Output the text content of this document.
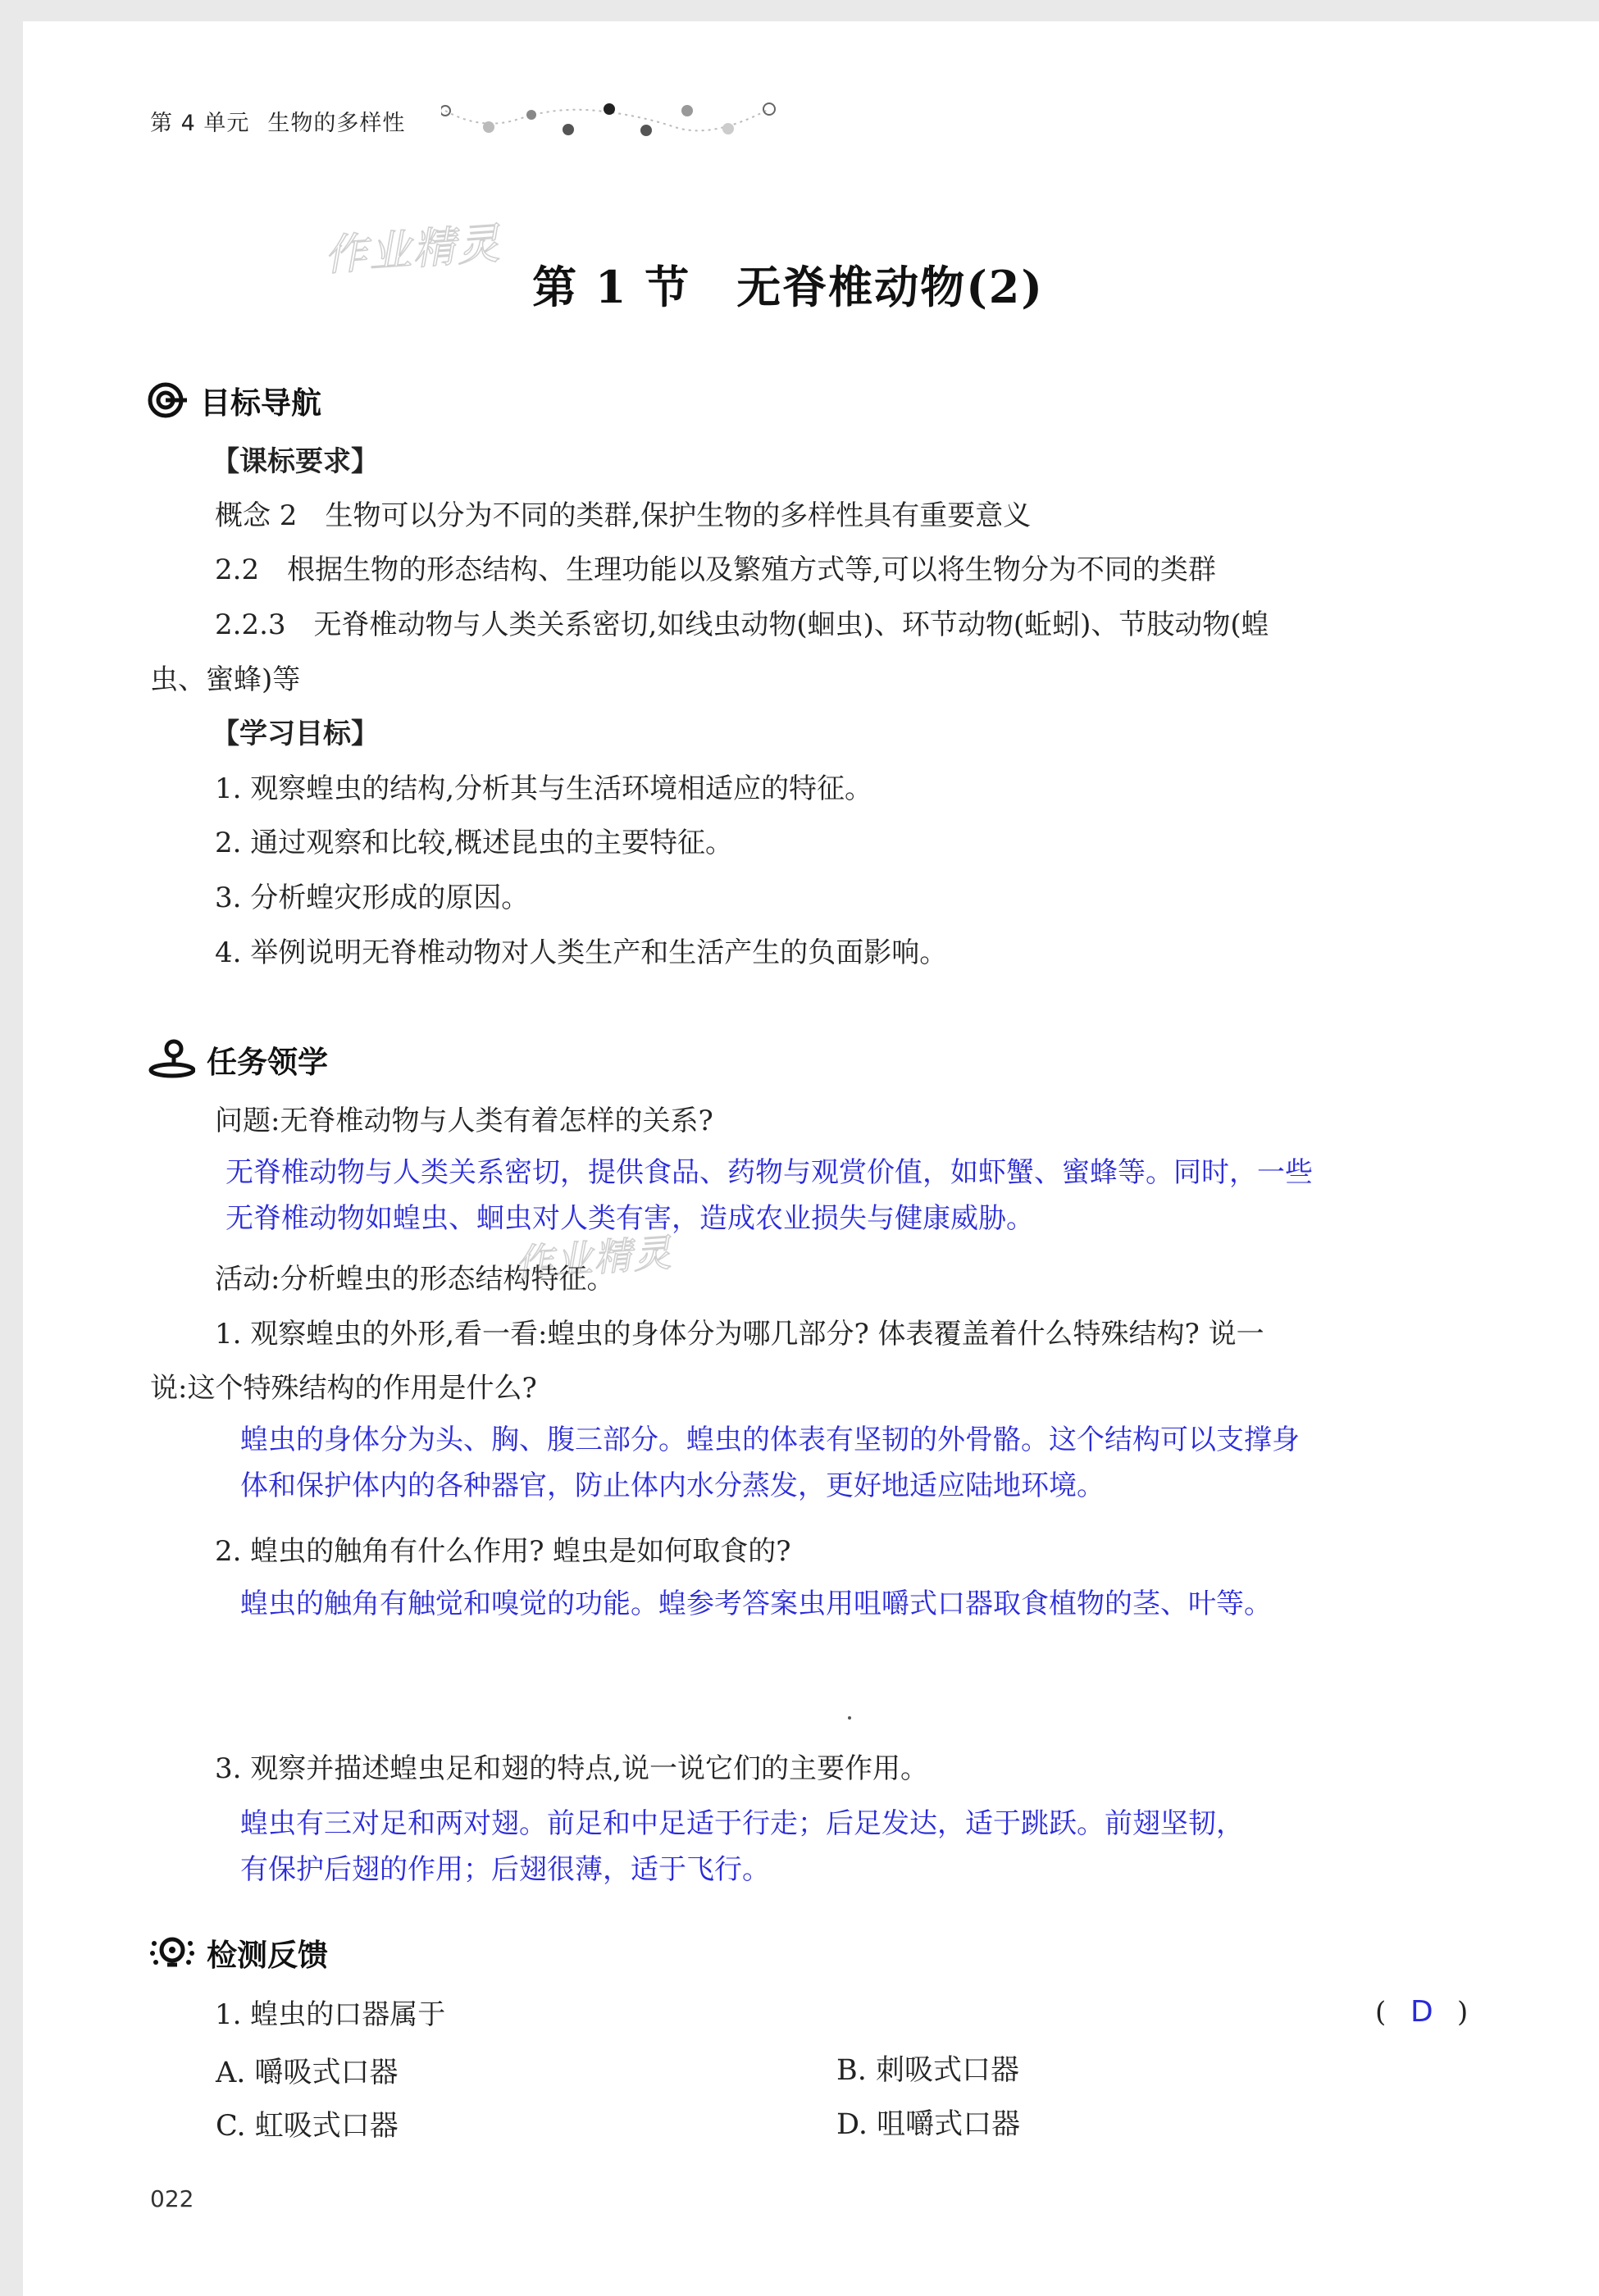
第 4 单元 生物的多样性
作业精灵
作业精灵
第 1 节　无脊椎动物(2)
目标导航
【课标要求】
概念 2　生物可以分为不同的类群,保护生物的多样性具有重要意义
2.2　根据生物的形态结构、生理功能以及繁殖方式等,可以将生物分为不同的类群
2.2.3　无脊椎动物与人类关系密切,如线虫动物(蛔虫)、环节动物(蚯蚓)、节肢动物(蝗
虫、蜜蜂)等
【学习目标】
1. 观察蝗虫的结构,分析其与生活环境相适应的特征。
2. 通过观察和比较,概述昆虫的主要特征。
3. 分析蝗灾形成的原因。
4. 举例说明无脊椎动物对人类生产和生活产生的负面影响。
任务领学
问题:无脊椎动物与人类有着怎样的关系?
无脊椎动物与人类关系密切，提供食品、药物与观赏价值，如虾蟹、蜜蜂等。同时，一些
无脊椎动物如蝗虫、蛔虫对人类有害，造成农业损失与健康威胁。
活动:分析蝗虫的形态结构特征。
1. 观察蝗虫的外形,看一看:蝗虫的身体分为哪几部分? 体表覆盖着什么特殊结构? 说一
说:这个特殊结构的作用是什么?
蝗虫的身体分为头、胸、腹三部分。蝗虫的体表有坚韧的外骨骼。这个结构可以支撑身
体和保护体内的各种器官，防止体内水分蒸发，更好地适应陆地环境。
2. 蝗虫的触角有什么作用? 蝗虫是如何取食的?
蝗虫的触角有触觉和嗅觉的功能。蝗参考答案虫用咀嚼式口器取食植物的茎、叶等。
3. 观察并描述蝗虫足和翅的特点,说一说它们的主要作用。
蝗虫有三对足和两对翅。前足和中足适于行走；后足发达，适于跳跃。前翅坚韧，
有保护后翅的作用；后翅很薄，适于飞行。
检测反馈
1. 蝗虫的口器属于	( D )
A. 嚼吸式口器	B. 刺吸式口器
C. 虹吸式口器	D. 咀嚼式口器
022
